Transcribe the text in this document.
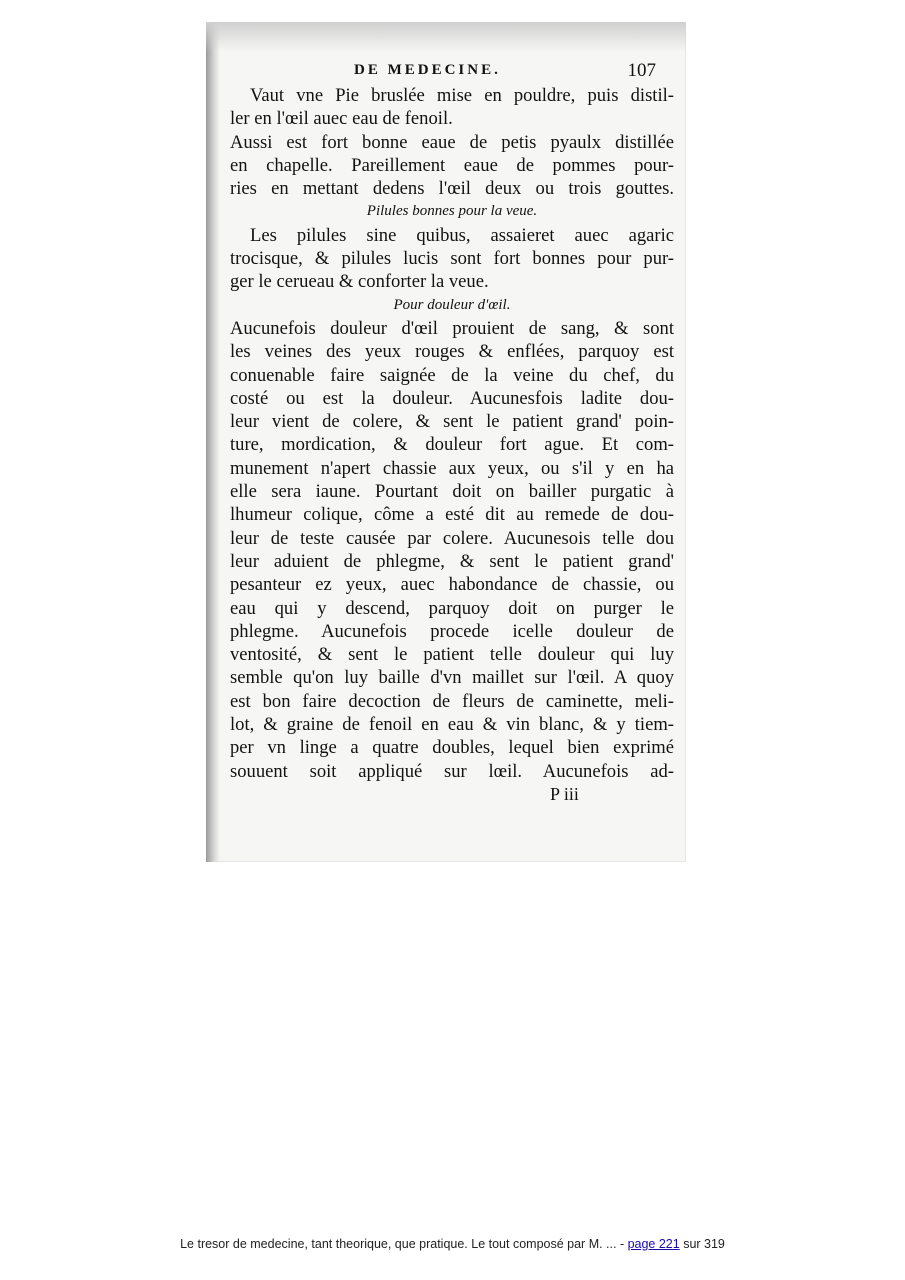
DE MEDECINE.	107
Vaut vne Pie bruslée mise en pouldre, puis distil-
ler en l'œil auec eau de fenoil.
Aussi est fort bonne eaue de petis pyaulx distillée
en chapelle. Pareillement eaue de pommes pour-
ries en mettant dedens l'œil deux ou trois gouttes.
Pilules bonnes pour la veue.
Les pilules sine quibus, assaieret auec agaric
trocisque, & pilules lucis sont fort bonnes pour pur-
ger le cerueau & conforter la veue.
Pour douleur d'œil.
Aucunefois douleur d'œil prouient de sang, & sont
les veines des yeux rouges & enflées, parquoy est
conuenable faire saignée de la veine du chef, du
costé ou est la douleur. Aucunesfois ladite dou-
leur vient de colere, & sent le patient grand' poin-
ture, mordication, & douleur fort ague. Et com-
munement n'apert chassie aux yeux, ou s'il y en ha
elle sera iaune. Pourtant doit on bailler purgatic à
lhumeur colique, côme a esté dit au remede de dou-
leur de teste causée par colere. Aucunesois telle dou
leur aduient de phlegme, & sent le patient grand'
pesanteur ez yeux, auec habondance de chassie, ou
eau qui y descend, parquoy doit on purger le
phlegme. Aucunefois procede icelle douleur de
ventosité, & sent le patient telle douleur qui luy
semble qu'on luy baille d'vn maillet sur l'œil. A quoy
est bon faire decoction de fleurs de caminette, meli-
lot, & graine de fenoil en eau & vin blanc, & y tiem-
per vn linge a quatre doubles, lequel bien exprimé
souuent soit appliqué sur lœil. Aucunefois ad-
P iii
Le tresor de medecine, tant theorique, que pratique. Le tout composé par M. ... - page 221 sur 319
